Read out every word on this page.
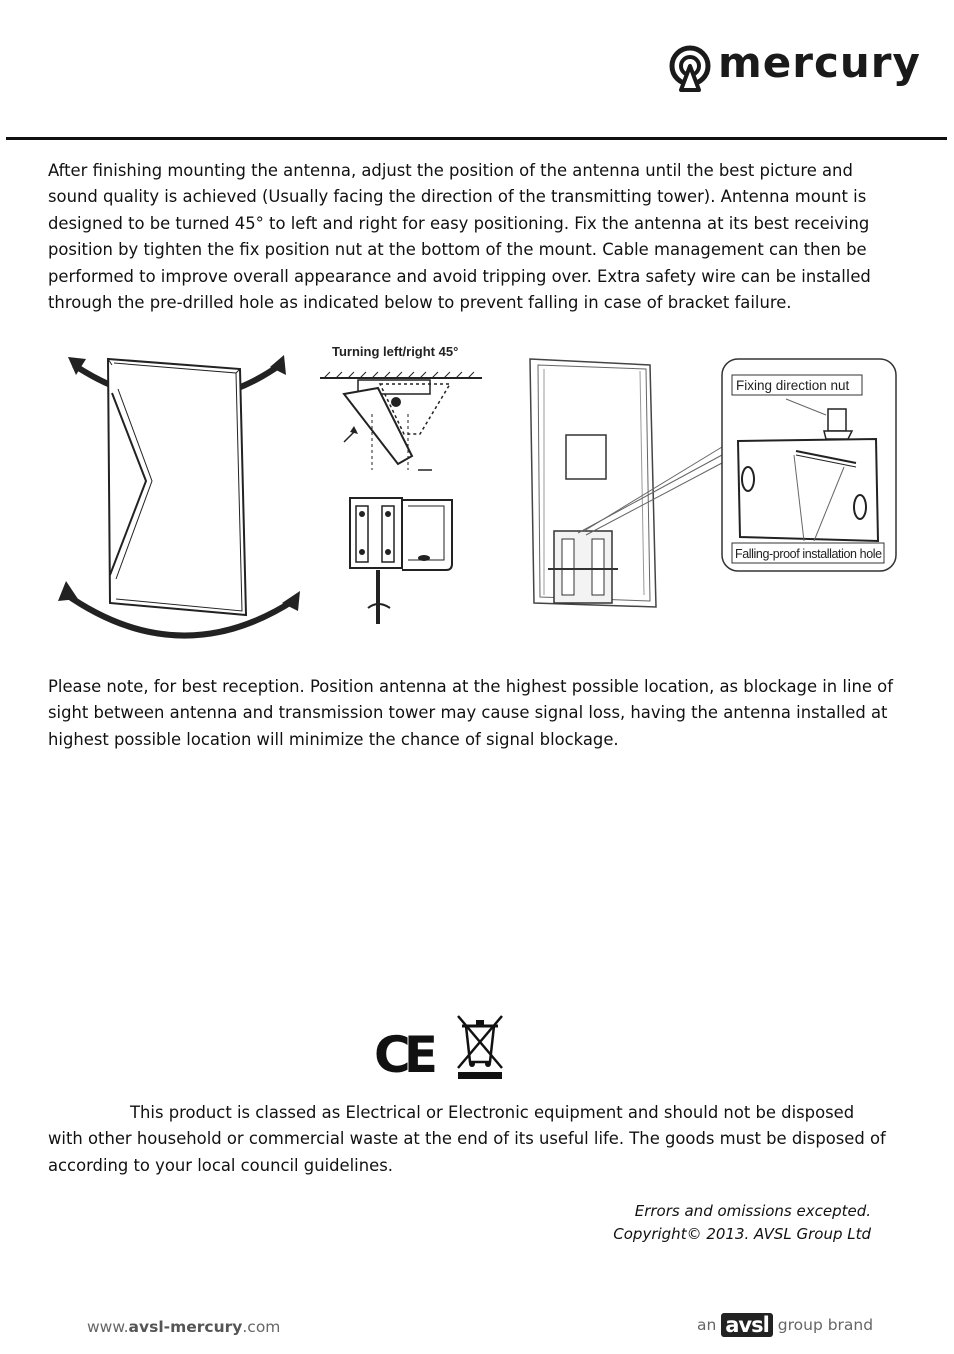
mercury

After finishing mounting the antenna, adjust the position of the antenna until the best picture and sound quality is achieved (Usually facing the direction of the transmitting tower). Antenna mount is designed to be turned 45° to left and right for easy positioning. Fix the antenna at its best receiving position by tighten the fix position nut at the bottom of the mount. Cable management can then be performed to improve overall appearance and avoid tripping over. Extra safety wire can be installed through the pre-drilled hole as indicated below to prevent falling in case of bracket failure.

Turning left/right 45°
Fixing direction nut
Falling-proof installation hole

Please note, for best reception. Position antenna at the highest possible location, as blockage in line of sight between antenna and transmission tower may cause signal loss, having the antenna installed at highest possible location will minimize the chance of signal blockage.

CE

This product is classed as Electrical or Electronic equipment and should not be disposed with other household or commercial waste at the end of its useful life. The goods must be disposed of according to your local council guidelines.

Errors and omissions excepted.
Copyright© 2013. AVSL Group Ltd
www.avsl-mercury.com	an avsl group brand
